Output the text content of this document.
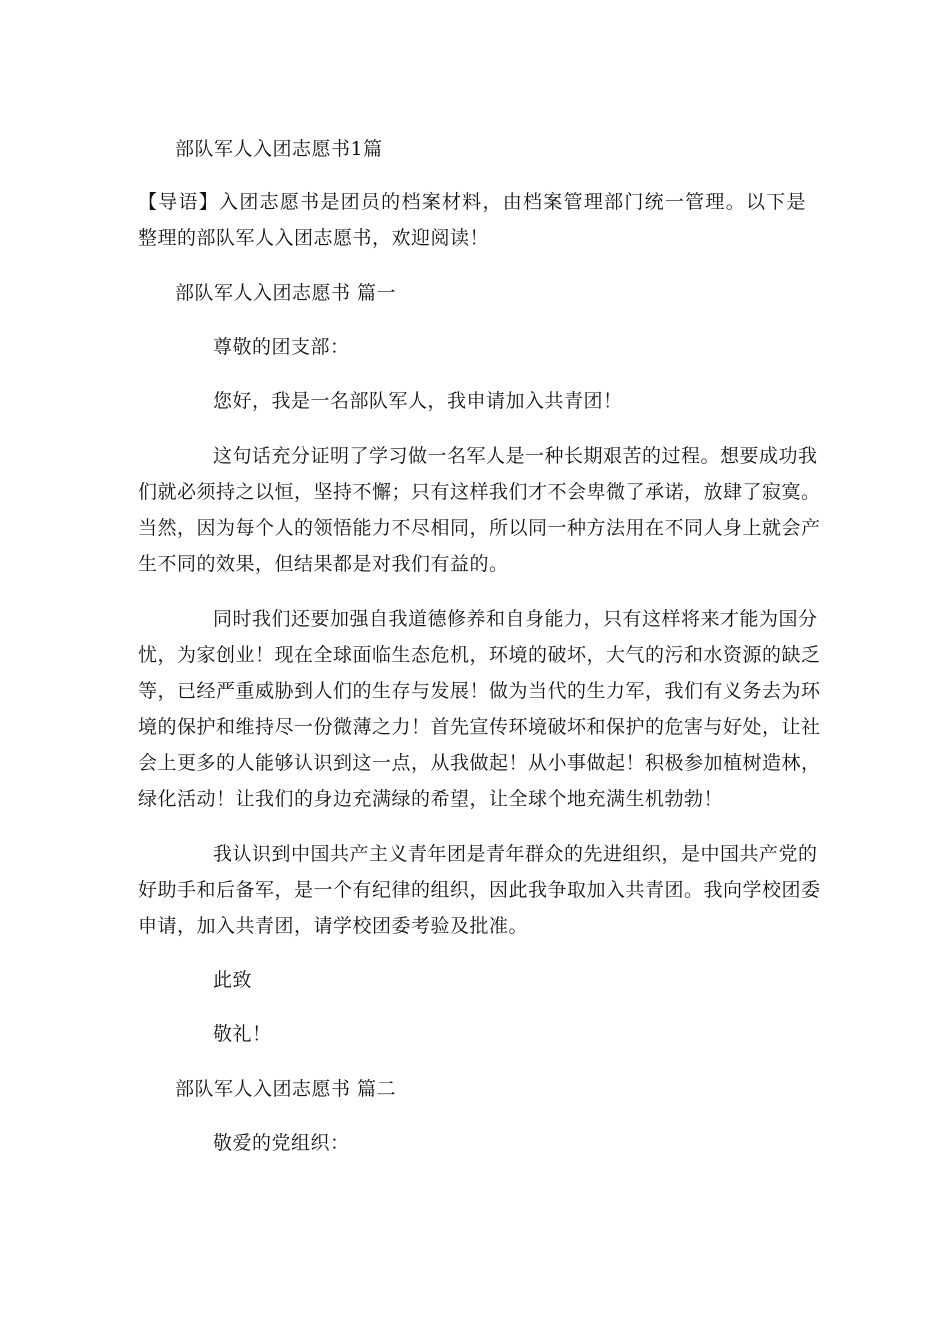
部队军人入团志愿书1篇
【导语】入团志愿书是团员的档案材料，由档案管理部门统一管理。以下是
整理的部队军人入团志愿书，欢迎阅读！
部队军人入团志愿书 篇一
尊敬的团支部：
您好，我是一名部队军人，我申请加入共青团！
这句话充分证明了学习做一名军人是一种长期艰苦的过程。想要成功我
们就必须持之以恒，坚持不懈；只有这样我们才不会卑微了承诺，放肆了寂寞。
当然，因为每个人的领悟能力不尽相同，所以同一种方法用在不同人身上就会产
生不同的效果，但结果都是对我们有益的。
同时我们还要加强自我道德修养和自身能力，只有这样将来才能为国分
忧，为家创业！现在全球面临生态危机，环境的破坏，大气的污和水资源的缺乏
等，已经严重威胁到人们的生存与发展！做为当代的生力军，我们有义务去为环
境的保护和维持尽一份微薄之力！首先宣传环境破坏和保护的危害与好处，让社
会上更多的人能够认识到这一点，从我做起！从小事做起！积极参加植树造林，
绿化活动！让我们的身边充满绿的希望，让全球个地充满生机勃勃！
我认识到中国共产主义青年团是青年群众的先进组织，是中国共产党的
好助手和后备军，是一个有纪律的组织，因此我争取加入共青团。我向学校团委
申请，加入共青团，请学校团委考验及批准。
此致
敬礼！
部队军人入团志愿书 篇二
敬爱的党组织：
